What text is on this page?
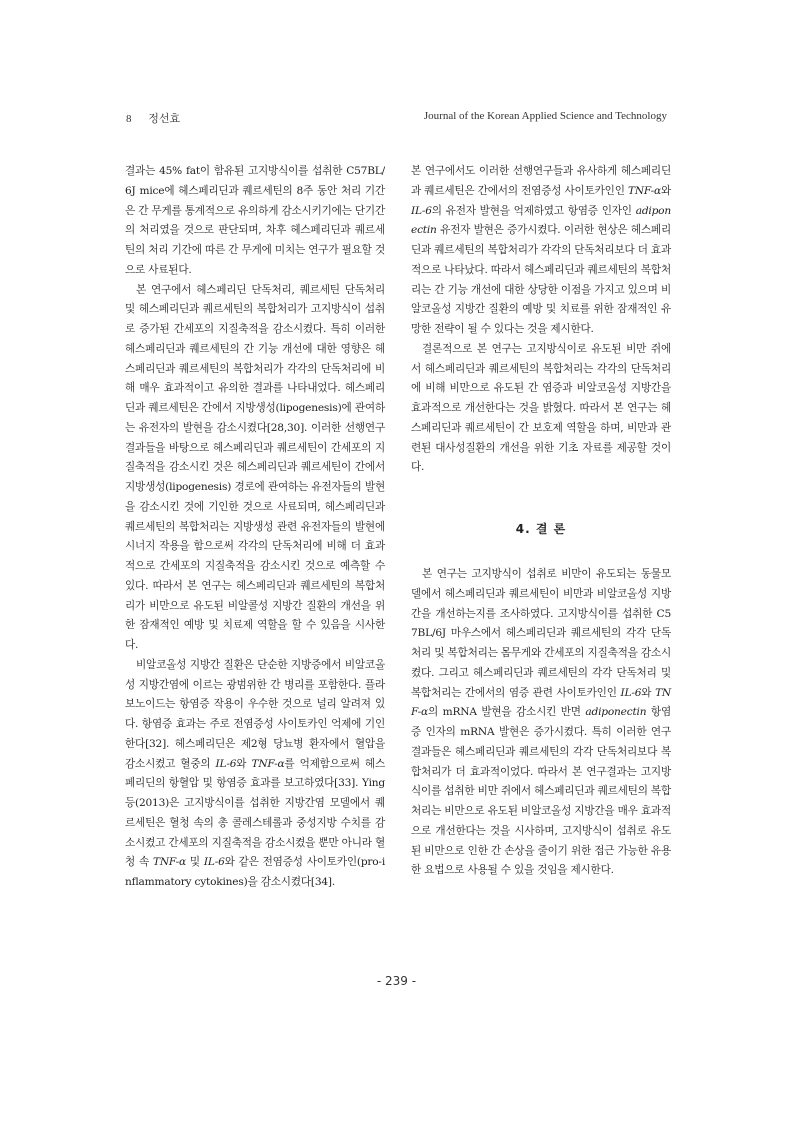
8 정선효	Journal of the Korean Applied Science and Technology

결과는 45% fat이 함유된 고지방식이를 섭취한 C57BL/6J mice에 헤스페리딘과 퀘르세틴의 8주 동안 처리 기간은 간 무게를 통계적으로 유의하게 감소시키기에는 단기간의 처리였을 것으로 판단되며, 차후 헤스페리딘과 퀘르세틴의 처리 기간에 따른 간 무게에 미치는 연구가 필요할 것으로 사료된다.

본 연구에서 헤스페리딘 단독처리, 퀘르세틴 단독처리 및 헤스페리딘과 퀘르세틴의 복합처리가 고지방식이 섭취로 증가된 간세포의 지질축적을 감소시켰다. 특히 이러한 헤스페리딘과 퀘르세틴의 간 기능 개선에 대한 영향은 헤스페리딘과 퀘르세틴의 복합처리가 각각의 단독처리에 비해 매우 효과적이고 유의한 결과를 나타내었다. 헤스페리딘과 퀘르세틴은 간에서 지방생성(lipogenesis)에 관여하는 유전자의 발현을 감소시켰다[28,30]. 이러한 선행연구결과들을 바탕으로 헤스페리딘과 퀘르세틴이 간세포의 지질축적을 감소시킨 것은 헤스페리딘과 퀘르세틴이 간에서 지방생성(lipogenesis) 경로에 관여하는 유전자들의 발현을 감소시킨 것에 기인한 것으로 사료되며, 헤스페리딘과 퀘르세틴의 복합처리는 지방생성 관련 유전자들의 발현에 시너지 작용을 함으로써 각각의 단독처리에 비해 더 효과적으로 간세포의 지질축적을 감소시킨 것으로 예측할 수 있다. 따라서 본 연구는 헤스페리딘과 퀘르세틴의 복합처리가 비만으로 유도된 비알콜성 지방간 질환의 개선을 위한 잠재적인 예방 및 치료제 역할을 할 수 있음을 시사한다.

비알코올성 지방간 질환은 단순한 지방증에서 비알코올성 지방간염에 이르는 광범위한 간 병리를 포함한다. 플라보노이드는 항염증 작용이 우수한 것으로 널리 알려져 있다. 항염증 효과는 주로 전염증성 사이토카인 억제에 기인한다[32]. 헤스페리딘은 제2형 당뇨병 환자에서 혈압을 감소시켰고 혈중의 IL-6와 TNF-α를 억제함으로써 헤스페리딘의 항혈압 및 항염증 효과를 보고하였다[33]. Ying 등(2013)은 고지방식이를 섭취한 지방간염 모델에서 퀘르세틴은 혈청 속의 총 콜레스테롤과 중성지방 수치를 감소시켰고 간세포의 지질축적을 감소시켰을 뿐만 아니라 혈청 속 TNF-α 및 IL-6와 같은 전염증성 사이토카인(pro-inflammatory cytokines)을 감소시켰다[34].

본 연구에서도 이러한 선행연구들과 유사하게 헤스페리딘과 퀘르세틴은 간에서의 전염증성 사이토카인인 TNF-α와 IL-6의 유전자 발현을 억제하였고 항염증 인자인 adiponectin 유전자 발현은 증가시켰다. 이러한 현상은 헤스페리딘과 퀘르세틴의 복합처리가 각각의 단독처리보다 더 효과적으로 나타났다. 따라서 헤스페리딘과 퀘르세틴의 복합처리는 간 기능 개선에 대한 상당한 이점을 가지고 있으며 비알코올성 지방간 질환의 예방 및 치료를 위한 잠재적인 유망한 전략이 될 수 있다는 것을 제시한다.

결론적으로 본 연구는 고지방식이로 유도된 비만 쥐에서 헤스페리딘과 퀘르세틴의 복합처리는 각각의 단독처리에 비해 비만으로 유도된 간 염증과 비알코올성 지방간을 효과적으로 개선한다는 것을 밝혔다. 따라서 본 연구는 헤스페리딘과 퀘르세틴이 간 보호제 역할을 하며, 비만과 관련된 대사성질환의 개선을 위한 기초 자료를 제공할 것이다.

4. 결 론

본 연구는 고지방식이 섭취로 비만이 유도되는 동물모델에서 헤스페리딘과 퀘르세틴이 비만과 비알코올성 지방간을 개선하는지를 조사하였다. 고지방식이를 섭취한 C57BL/6J 마우스에서 헤스페리딘과 퀘르세틴의 각각 단독처리 및 복합처리는 몸무게와 간세포의 지질축적을 감소시켰다. 그리고 헤스페리딘과 퀘르세틴의 각각 단독처리 및 복합처리는 간에서의 염증 관련 사이토카인인 IL-6와 TNF-α의 mRNA 발현을 감소시킨 반면 adiponectin 항염증 인자의 mRNA 발현은 증가시켰다. 특히 이러한 연구결과들은 헤스페리딘과 퀘르세틴의 각각 단독처리보다 복합처리가 더 효과적이었다. 따라서 본 연구결과는 고지방식이를 섭취한 비만 쥐에서 헤스페리딘과 퀘르세틴의 복합처리는 비만으로 유도된 비알코올성 지방간을 매우 효과적으로 개선한다는 것을 시사하며, 고지방식이 섭취로 유도된 비만으로 인한 간 손상을 줄이기 위한 접근 가능한 유용한 요법으로 사용될 수 있을 것임을 제시한다.

- 239 -
